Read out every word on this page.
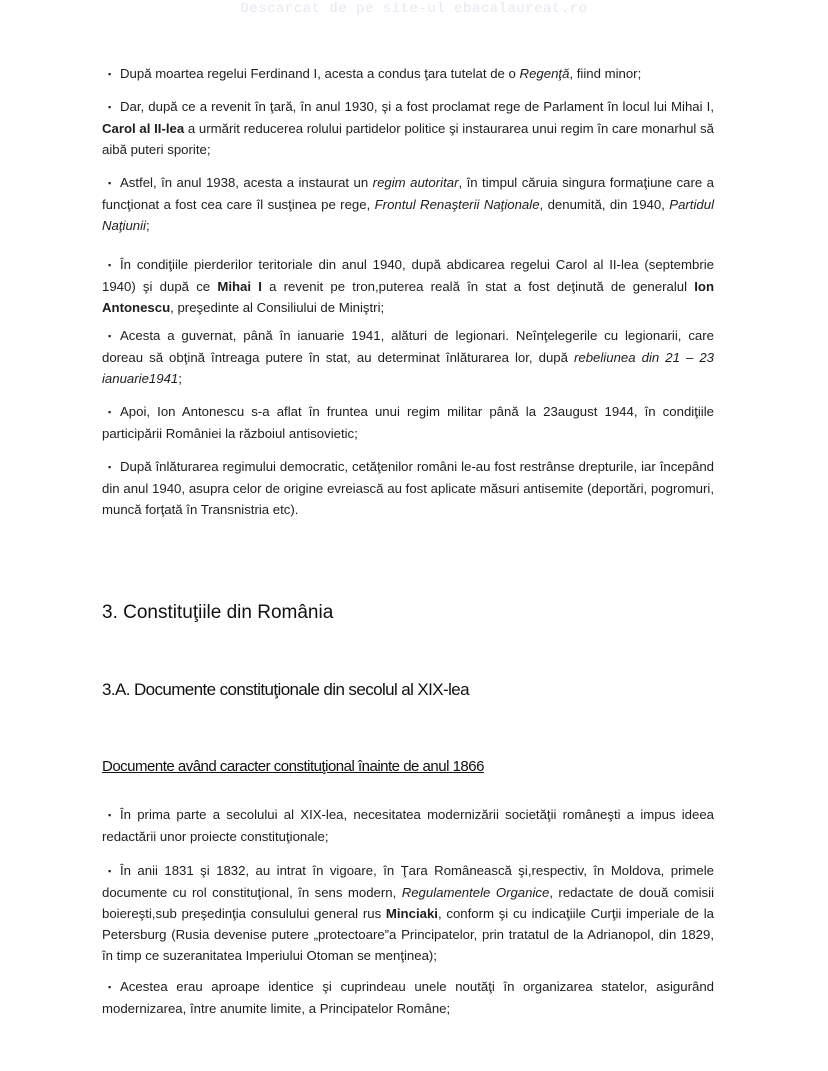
Descarcat de pe site-ul ebacalaureat.ro
▪ După moartea regelui Ferdinand I, acesta a condus ţara tutelat de o Regenţă, fiind minor;
▪ Dar, după ce a revenit în ţară, în anul 1930, şi a fost proclamat rege de Parlament în locul lui Mihai I, Carol al II-lea a urmărit reducerea rolului partidelor politice şi instaurarea unui regim în care monarhul să aibă puteri sporite;
▪ Astfel, în anul 1938, acesta a instaurat un regim autoritar, în timpul căruia singura formaţiune care a funcţionat a fost cea care îl susţinea pe rege, Frontul Renaşterii Naţionale, denumită, din 1940, Partidul Naţiunii;
▪ În condiţiile pierderilor teritoriale din anul 1940, după abdicarea regelui Carol al II-lea (septembrie 1940) şi după ce Mihai I a revenit pe tron,puterea reală în stat a fost deţinută de generalul Ion Antonescu, preşedinte al Consiliului de Miniştri;
▪ Acesta a guvernat, până în ianuarie 1941, alături de legionari. Neînţelegerile cu legionarii, care doreau să obţină întreaga putere în stat, au determinat înlăturarea lor, după rebeliunea din 21 – 23 ianuarie1941;
▪ Apoi, Ion Antonescu s-a aflat în fruntea unui regim militar până la 23august 1944, în condiţiile participării României la războiul antisovietic;
▪ După înlăturarea regimului democratic, cetăţenilor români le-au fost restrânse drepturile, iar începând din anul 1940, asupra celor de origine evreiască au fost aplicate măsuri antisemite (deportări, pogromuri, muncă forţată în Transnistria etc).
3. Constituţiile din România
3.A. Documente constituţionale din secolul al XIX-lea
Documente având caracter constituţional înainte de anul 1866
▪ În prima parte a secolului al XIX-lea, necesitatea modernizării societăţii româneşti a impus ideea redactării unor proiecte constituţionale;
▪ În anii 1831 şi 1832, au intrat în vigoare, în Ţara Românească şi,respectiv, în Moldova, primele documente cu rol constituţional, în sens modern, Regulamentele Organice, redactate de două comisii boiereşti,sub preşedinţia consulului general rus Minciaki, conform şi cu indicaţiile Curţii imperiale de la Petersburg (Rusia devenise putere „protectoare”a Principatelor, prin tratatul de la Adrianopol, din 1829, în timp ce suzeranitatea Imperiului Otoman se menţinea);
▪ Acestea erau aproape identice şi cuprindeau unele noutăţi în organizarea statelor, asigurând modernizarea, între anumite limite, a Principatelor Române;
